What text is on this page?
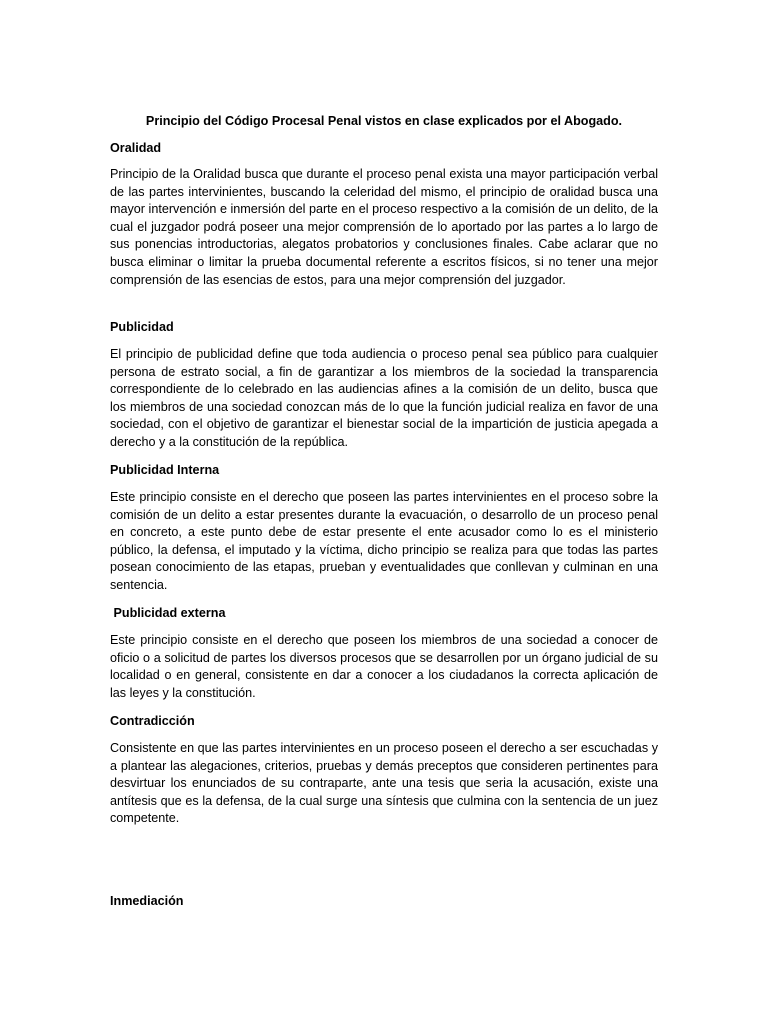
Principio del Código Procesal Penal vistos en clase explicados por el Abogado.

Oralidad

Principio de la Oralidad busca que durante el proceso penal exista una mayor participación verbal de las partes intervinientes, buscando la celeridad del mismo, el principio de oralidad busca una mayor intervención e inmersión del parte en el proceso respectivo a la comisión de un delito, de la cual el juzgador podrá poseer una mejor comprensión de lo aportado por las partes a lo largo de sus ponencias introductorias, alegatos probatorios y conclusiones finales. Cabe aclarar que no busca eliminar o limitar la prueba documental referente a escritos físicos, si no tener una mejor comprensión de las esencias de estos, para una mejor comprensión del juzgador.

Publicidad

El principio de publicidad define que toda audiencia o proceso penal sea público para cualquier persona de estrato social, a fin de garantizar a los miembros de la sociedad la transparencia correspondiente de lo celebrado en las audiencias afines a la comisión de un delito, busca que los miembros de una sociedad conozcan más de lo que la función judicial realiza en favor de una sociedad, con el objetivo de garantizar el bienestar social de la impartición de justicia apegada a derecho y a la constitución de la república.

Publicidad Interna

Este principio consiste en el derecho que poseen las partes intervinientes en el proceso sobre la comisión de un delito a estar presentes durante la evacuación, o desarrollo de un proceso penal en concreto, a este punto debe de estar presente el ente acusador como lo es el ministerio público, la defensa, el imputado y la víctima, dicho principio se realiza para que todas las partes posean conocimiento de las etapas, prueban y eventualidades que conllevan y culminan en una sentencia.

Publicidad externa

Este principio consiste en el derecho que poseen los miembros de una sociedad a conocer de oficio o a solicitud de partes los diversos procesos que se desarrollen por un órgano judicial de su localidad o en general, consistente en dar a conocer a los ciudadanos la correcta aplicación de las leyes y la constitución.

Contradicción

Consistente en que las partes intervinientes en un proceso poseen el derecho a ser escuchadas y a plantear las alegaciones, criterios, pruebas y demás preceptos que consideren pertinentes para desvirtuar los enunciados de su contraparte, ante una tesis que seria la acusación, existe una antítesis que es la defensa, de la cual surge una síntesis que culmina con la sentencia de un juez competente.

Inmediación
